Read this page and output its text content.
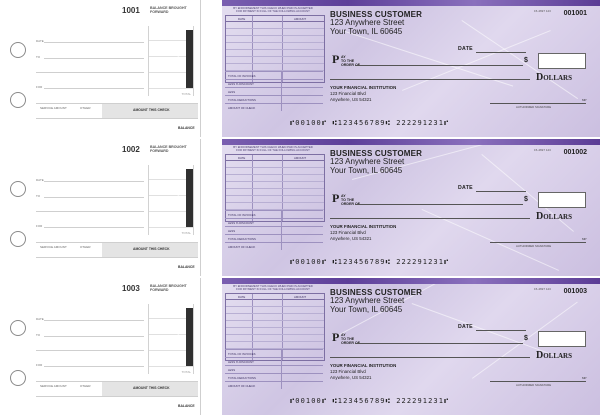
1001	BALANCE BROUGHT FORWARD
DATE
TO
FOR
TOTAL
DEPOSITS
SERVICE AMOUNT	OTHER	AMOUNT THIS CHECK
BALANCE
BY ENDORSEMENT THIS CHECK WHEN PAID IS ACCEPTED
FOR PAYMENT IN FULL OF THE FOLLOWING ACCOUNT
DATE	AMOUNT
TOTAL OF INVOICES
LESS % DISCOUNT
LESS
TOTAL DEDUCTIONS
AMOUNT OF CHECK
BUSINESS CUSTOMER
123 Anywhere Street
Your Town, IL 60645
15-4697 123 001001
DATE
$
P AY
TO THE
ORDER OF
Dollars
YOUR FINANCIAL INSTITUTION
123 Financial Blvd
Anywhere, US 54321	MP
AUTHORIZED SIGNATURE
⑈00100⑈ ⑆123456789⑆ 222291231⑈
1002	BALANCE BROUGHT FORWARD
DATE
TO
FOR
TOTAL
DEPOSITS
SERVICE AMOUNT	OTHER	AMOUNT THIS CHECK
BALANCE
BY ENDORSEMENT THIS CHECK WHEN PAID IS ACCEPTED
FOR PAYMENT IN FULL OF THE FOLLOWING ACCOUNT
DATE	AMOUNT
TOTAL OF INVOICES
LESS % DISCOUNT
LESS
TOTAL DEDUCTIONS
AMOUNT OF CHECK
BUSINESS CUSTOMER
123 Anywhere Street
Your Town, IL 60645
15-4697 123 001002
DATE
$
P AY
TO THE
ORDER OF
Dollars
YOUR FINANCIAL INSTITUTION
123 Financial Blvd
Anywhere, US 54321	MP
AUTHORIZED SIGNATURE
⑈00100⑈ ⑆123456789⑆ 222291231⑈
1003	BALANCE BROUGHT FORWARD
DATE
TO
FOR
TOTAL
DEPOSITS
SERVICE AMOUNT	OTHER	AMOUNT THIS CHECK
BALANCE
BY ENDORSEMENT THIS CHECK WHEN PAID IS ACCEPTED
FOR PAYMENT IN FULL OF THE FOLLOWING ACCOUNT
DATE	AMOUNT
TOTAL OF INVOICES
LESS % DISCOUNT
LESS
TOTAL DEDUCTIONS
AMOUNT OF CHECK
BUSINESS CUSTOMER
123 Anywhere Street
Your Town, IL 60645
15-4697 123 001003
DATE
$
P AY
TO THE
ORDER OF
Dollars
YOUR FINANCIAL INSTITUTION
123 Financial Blvd
Anywhere, US 54321	MP
AUTHORIZED SIGNATURE
⑈00100⑈ ⑆123456789⑆ 222291231⑈
